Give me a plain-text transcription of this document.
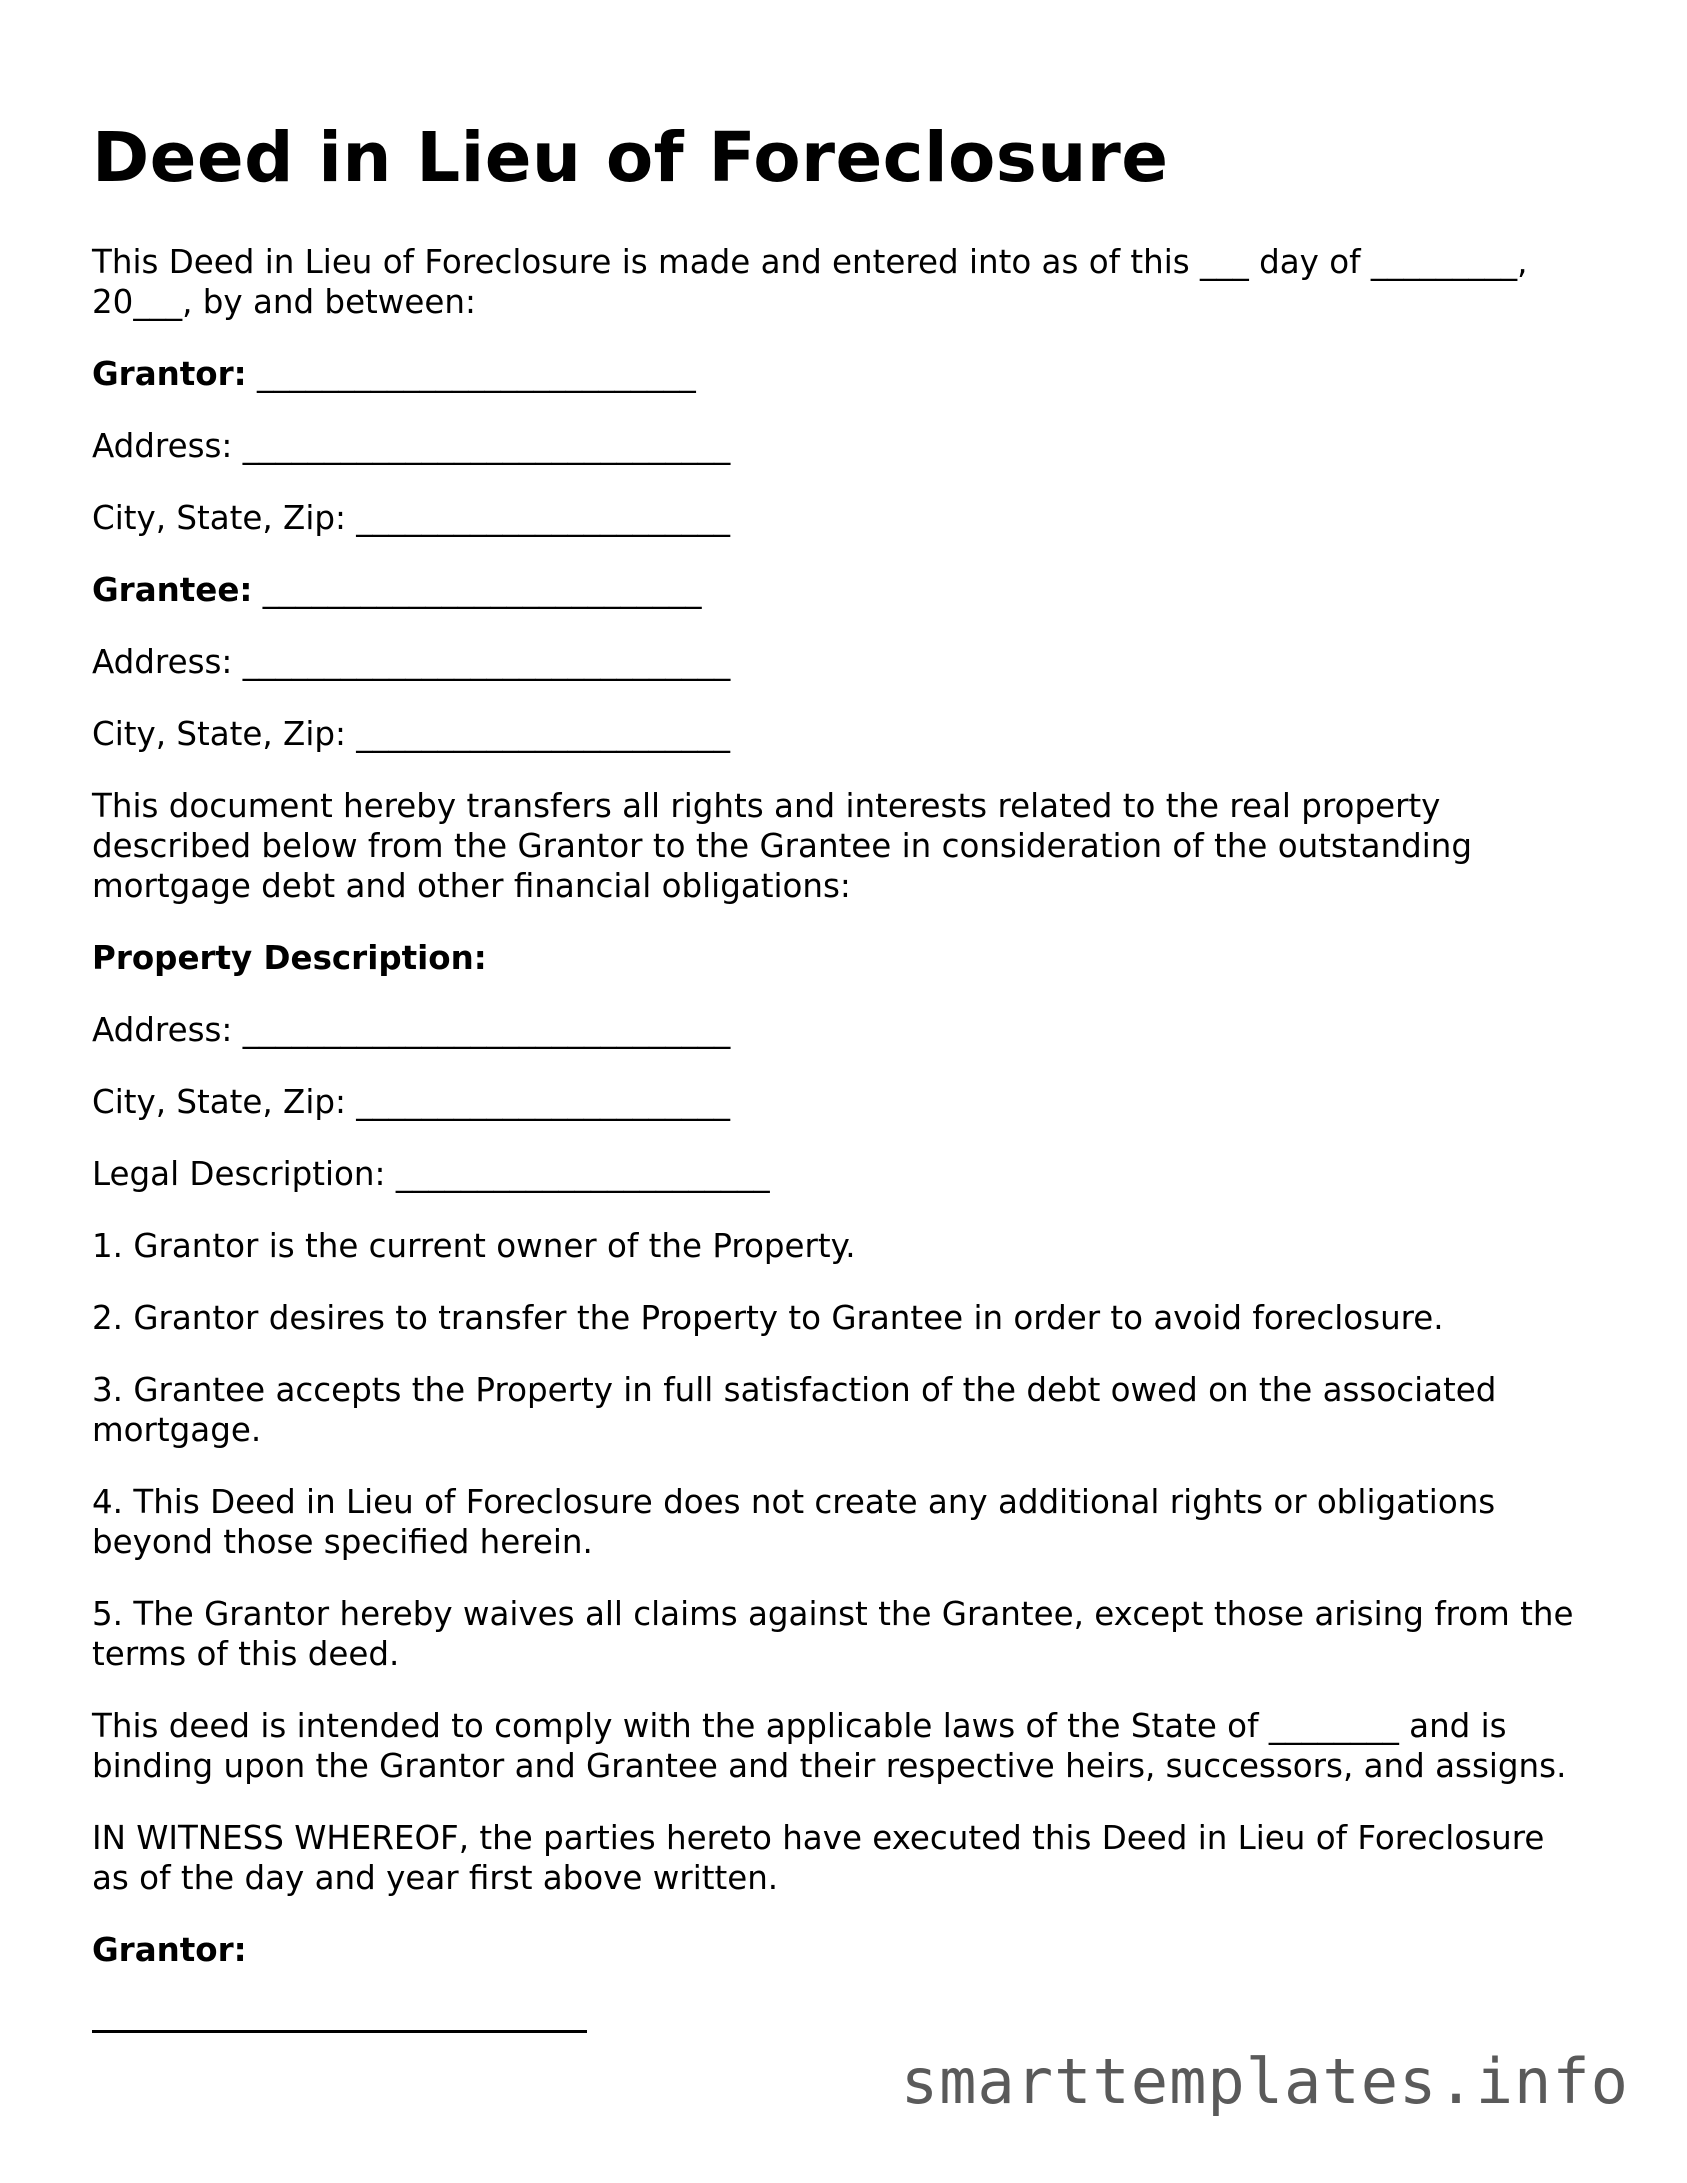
Deed in Lieu of Foreclosure

This Deed in Lieu of Foreclosure is made and entered into as of this ___ day of _________,

20___, by and between:

Grantor: ___________________________

Address: ______________________________

City, State, Zip: _______________________

Grantee: ___________________________

Address: ______________________________

City, State, Zip: _______________________

This document hereby transfers all rights and interests related to the real property

described below from the Grantor to the Grantee in consideration of the outstanding

mortgage debt and other financial obligations:

Property Description:

Address: ______________________________

City, State, Zip: _______________________

Legal Description: _______________________

1. Grantor is the current owner of the Property.

2. Grantor desires to transfer the Property to Grantee in order to avoid foreclosure.

3. Grantee accepts the Property in full satisfaction of the debt owed on the associated

mortgage.

4. This Deed in Lieu of Foreclosure does not create any additional rights or obligations

beyond those specified herein.

5. The Grantor hereby waives all claims against the Grantee, except those arising from the

terms of this deed.

This deed is intended to comply with the applicable laws of the State of ________ and is

binding upon the Grantor and Grantee and their respective heirs, successors, and assigns.

IN WITNESS WHEREOF, the parties hereto have executed this Deed in Lieu of Foreclosure

as of the day and year first above written.

Grantor:

smarttemplates.info
